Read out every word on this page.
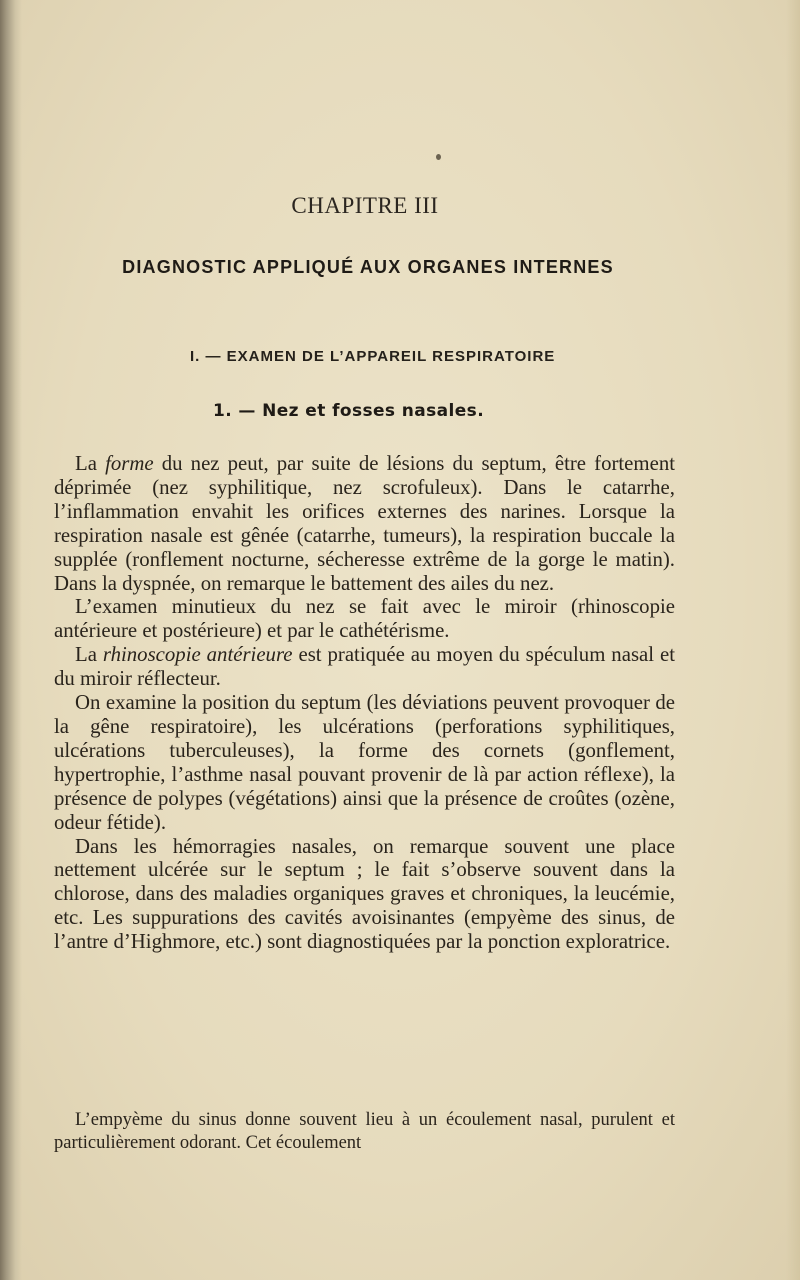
CHAPITRE III
DIAGNOSTIC APPLIQUÉ AUX ORGANES INTERNES
I. — EXAMEN DE L’APPAREIL RESPIRATOIRE
1. — Nez et fosses nasales.

La forme du nez peut, par suite de lésions du septum, être fortement déprimée (nez syphilitique, nez scrofuleux). Dans le catarrhe, l’inflammation envahit les orifices externes des narines. Lorsque la respiration nasale est gênée (catarrhe, tumeurs), la respiration buccale la supplée (ronflement nocturne, sécheresse extrême de la gorge le matin). Dans la dyspnée, on remarque le battement des ailes du nez.

L’examen minutieux du nez se fait avec le miroir (rhinoscopie antérieure et postérieure) et par le cathétérisme.

La rhinoscopie antérieure est pratiquée au moyen du spéculum nasal et du miroir réflecteur.

On examine la position du septum (les déviations peuvent provoquer de la gêne respiratoire), les ulcérations (perforations syphilitiques, ulcérations tuberculeuses), la forme des cornets (gonflement, hypertrophie, l’asthme nasal pouvant provenir de là par action réflexe), la présence de polypes (végétations) ainsi que la présence de croûtes (ozène, odeur fétide).

Dans les hémorragies nasales, on remarque souvent une place nettement ulcérée sur le septum ; le fait s’observe souvent dans la chlorose, dans des maladies organiques graves et chroniques, la leucémie, etc. Les suppurations des cavités avoisinantes (empyème des sinus, de l’antre d’Highmore, etc.) sont diagnostiquées par la ponction exploratrice.

L’empyème du sinus donne souvent lieu à un écoulement nasal, purulent et particulièrement odorant. Cet écoulement
